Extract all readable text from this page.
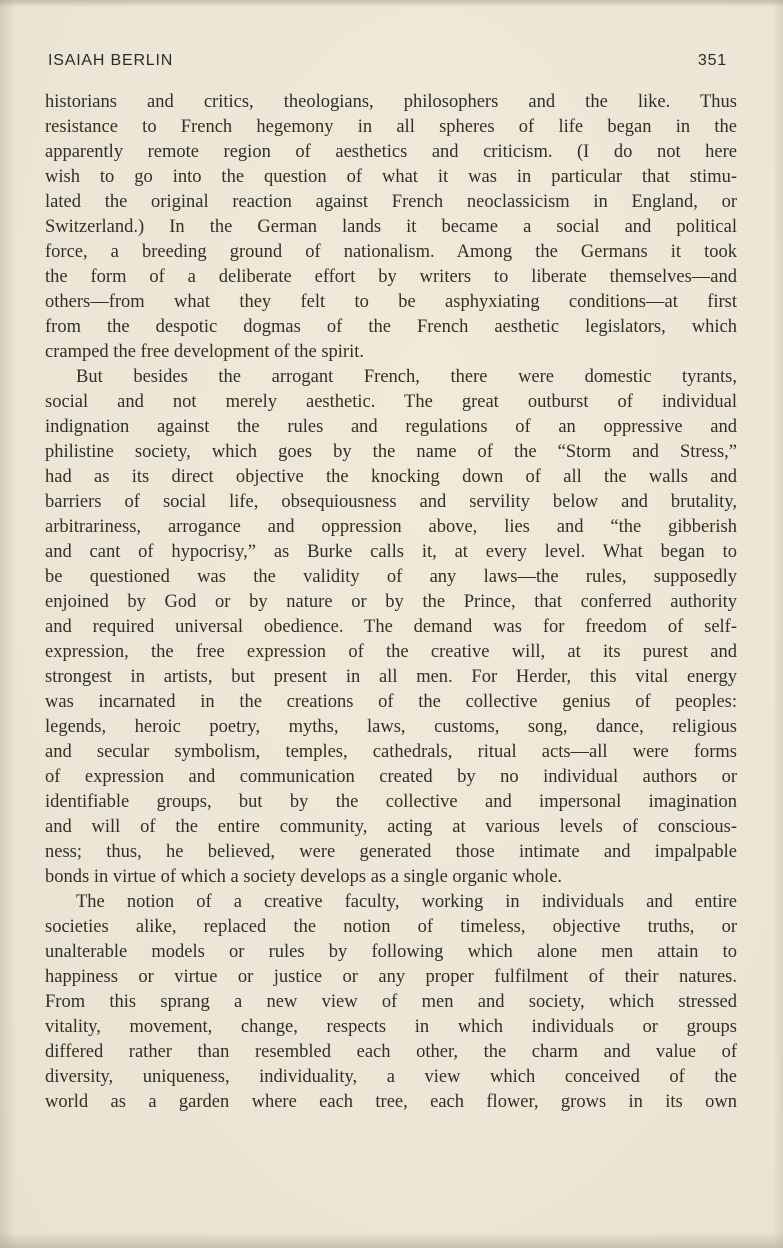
ISAIAH BERLIN	351
historians and critics, theologians, philosophers and the like. Thus
resistance to French hegemony in all spheres of life began in the
apparently remote region of aesthetics and criticism. (I do not here
wish to go into the question of what it was in particular that stimu-
lated the original reaction against French neoclassicism in England, or
Switzerland.) In the German lands it became a social and political
force, a breeding ground of nationalism. Among the Germans it took
the form of a deliberate effort by writers to liberate themselves—and
others—from what they felt to be asphyxiating conditions—at first
from the despotic dogmas of the French aesthetic legislators, which
cramped the free development of the spirit.
But besides the arrogant French, there were domestic tyrants,
social and not merely aesthetic. The great outburst of individual
indignation against the rules and regulations of an oppressive and
philistine society, which goes by the name of the “Storm and Stress,”
had as its direct objective the knocking down of all the walls and
barriers of social life, obsequiousness and servility below and brutality,
arbitrariness, arrogance and oppression above, lies and “the gibberish
and cant of hypocrisy,” as Burke calls it, at every level. What began to
be questioned was the validity of any laws—the rules, supposedly
enjoined by God or by nature or by the Prince, that conferred authority
and required universal obedience. The demand was for freedom of self-
expression, the free expression of the creative will, at its purest and
strongest in artists, but present in all men. For Herder, this vital energy
was incarnated in the creations of the collective genius of peoples:
legends, heroic poetry, myths, laws, customs, song, dance, religious
and secular symbolism, temples, cathedrals, ritual acts—all were forms
of expression and communication created by no individual authors or
identifiable groups, but by the collective and impersonal imagination
and will of the entire community, acting at various levels of conscious-
ness; thus, he believed, were generated those intimate and impalpable
bonds in virtue of which a society develops as a single organic whole.
The notion of a creative faculty, working in individuals and entire
societies alike, replaced the notion of timeless, objective truths, or
unalterable models or rules by following which alone men attain to
happiness or virtue or justice or any proper fulfilment of their natures.
From this sprang a new view of men and society, which stressed
vitality, movement, change, respects in which individuals or groups
differed rather than resembled each other, the charm and value of
diversity, uniqueness, individuality, a view which conceived of the
world as a garden where each tree, each flower, grows in its own
